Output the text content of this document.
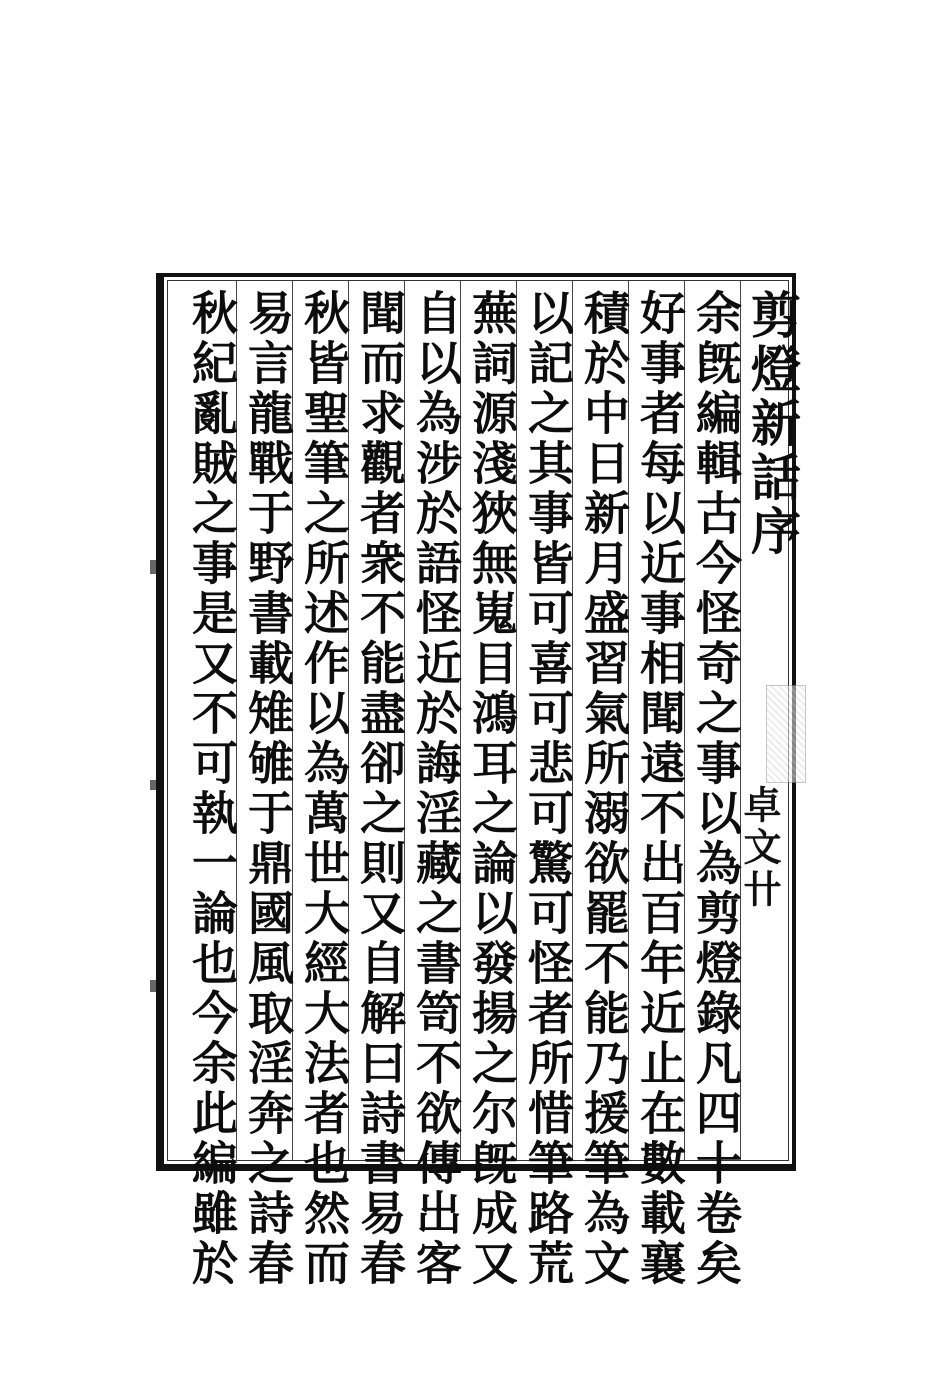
剪燈新話序
卓文卄
余旣編輯古今怪奇之事以為剪燈錄凡四十卷矣
好事者每以近事相聞遠不出百年近止在數載襄
積於中日新月盛習氣所溺欲罷不能乃援筆為文
以記之其事皆可喜可悲可驚可怪者所惜筆路荒
蕪詞源淺狹無嵬目鴻耳之論以發揚之尔旣成又
自以為涉於語怪近於誨淫藏之書笥不欲傳出客
聞而求觀者衆不能盡卻之則又自解曰詩書易春
秋皆聖筆之所述作以為萬世大經大法者也然而
易言龍戰于野書載雉雊于鼎國風取淫奔之詩春
秋紀亂賊之事是又不可執一論也今余此編雖於
